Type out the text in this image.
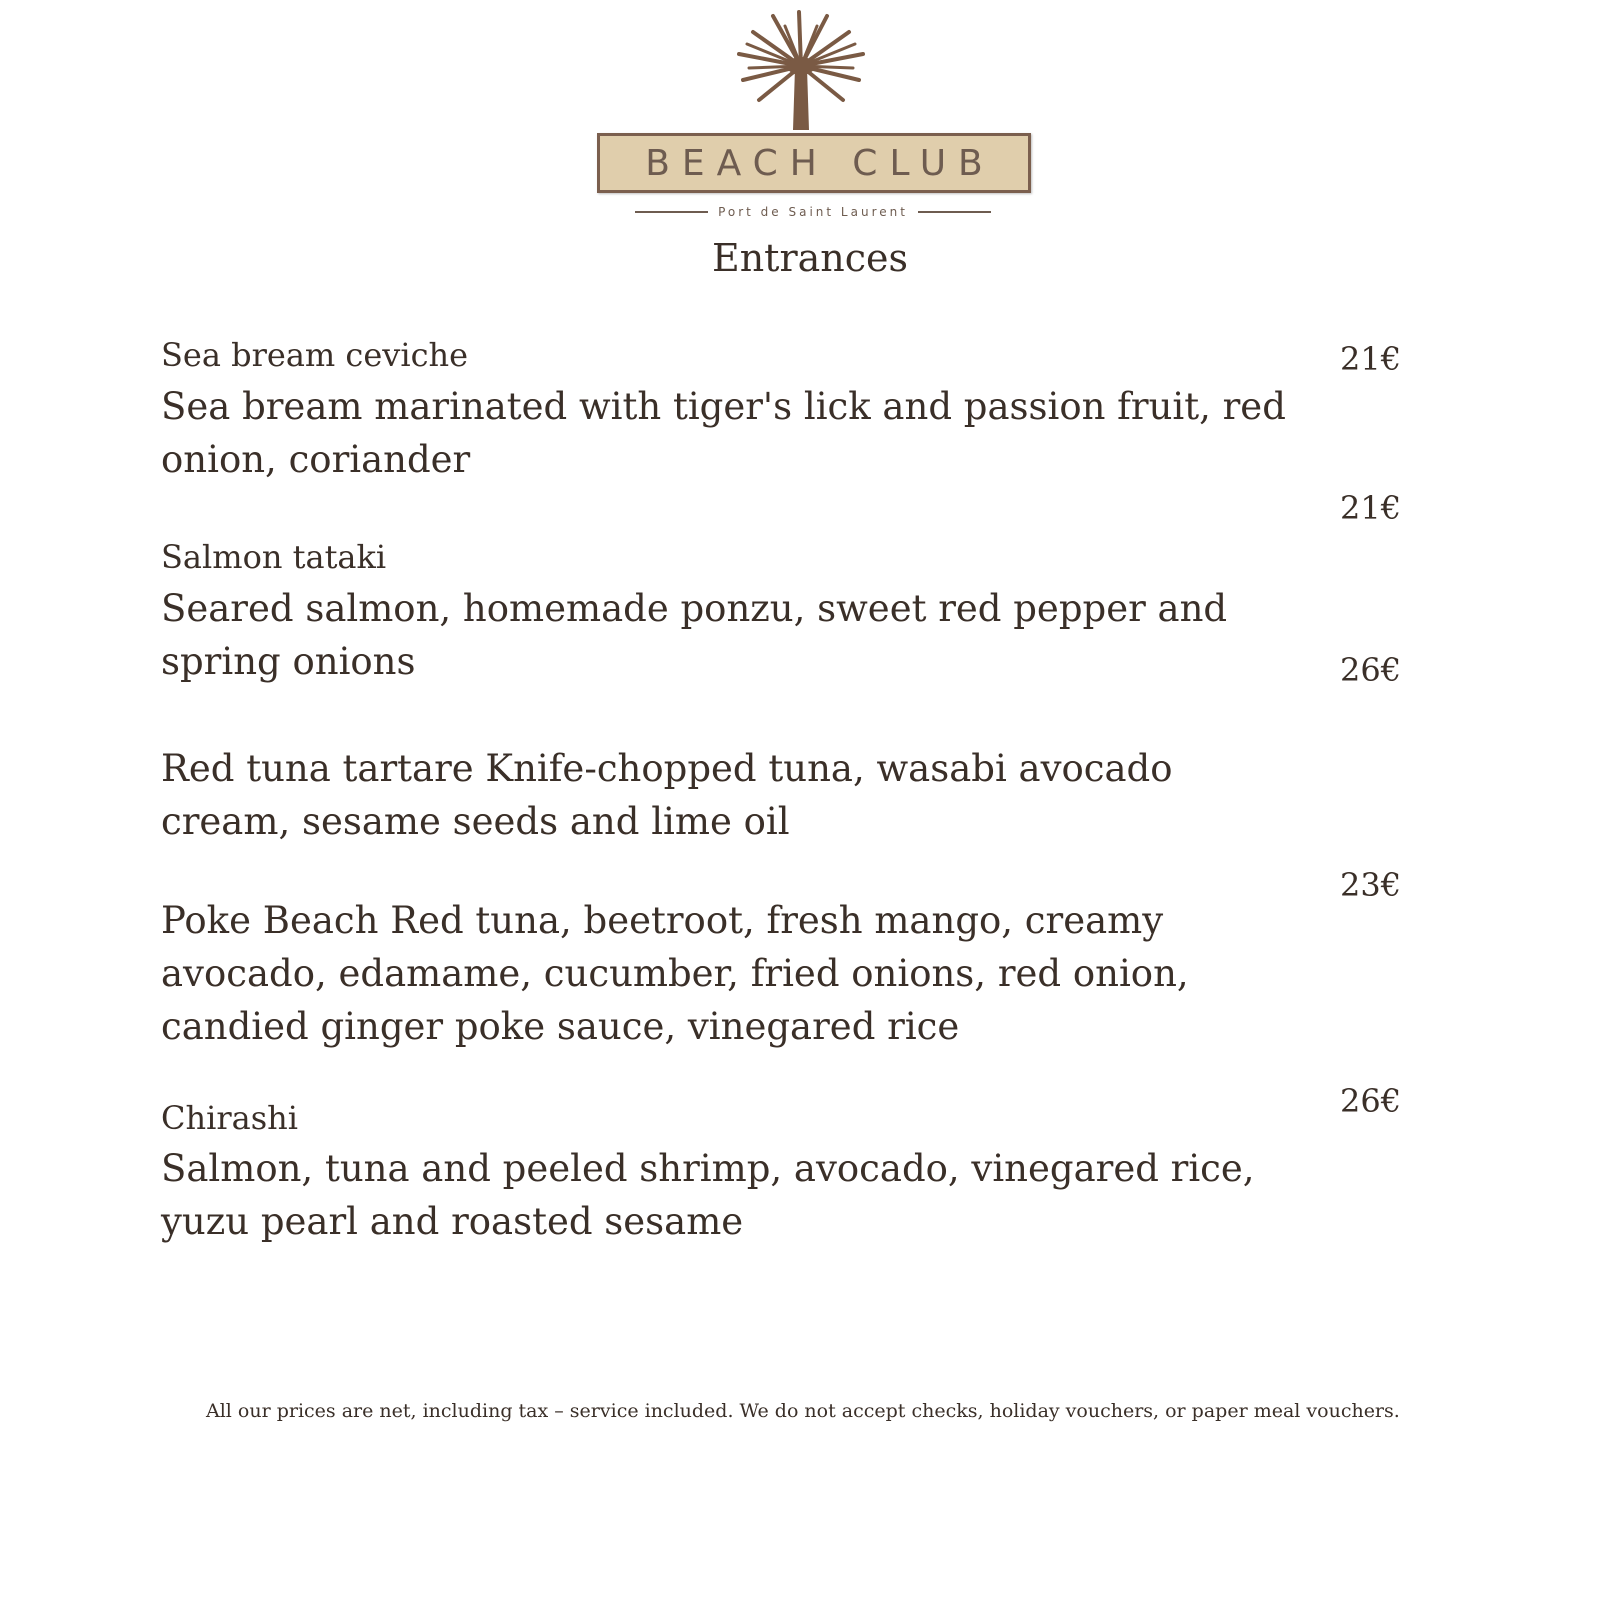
BEACH CLUB
Port de Saint Laurent
Entrances
Sea bream ceviche
Sea bream marinated with tiger's lick and passion fruit, red onion, coriander
21€
21€
Salmon tataki
Seared salmon, homemade ponzu, sweet red pepper and spring onions	26€
Red tuna tartare Knife-chopped tuna, wasabi avocado cream, sesame seeds and lime oil
23€
Poke Beach Red tuna, beetroot, fresh mango, creamy avocado, edamame, cucumber, fried onions, red onion, candied ginger poke sauce, vinegared rice
26€
Chirashi
Salmon, tuna and peeled shrimp, avocado, vinegared rice, yuzu pearl and roasted sesame
All our prices are net, including tax – service included. We do not accept checks, holiday vouchers, or paper meal vouchers.
